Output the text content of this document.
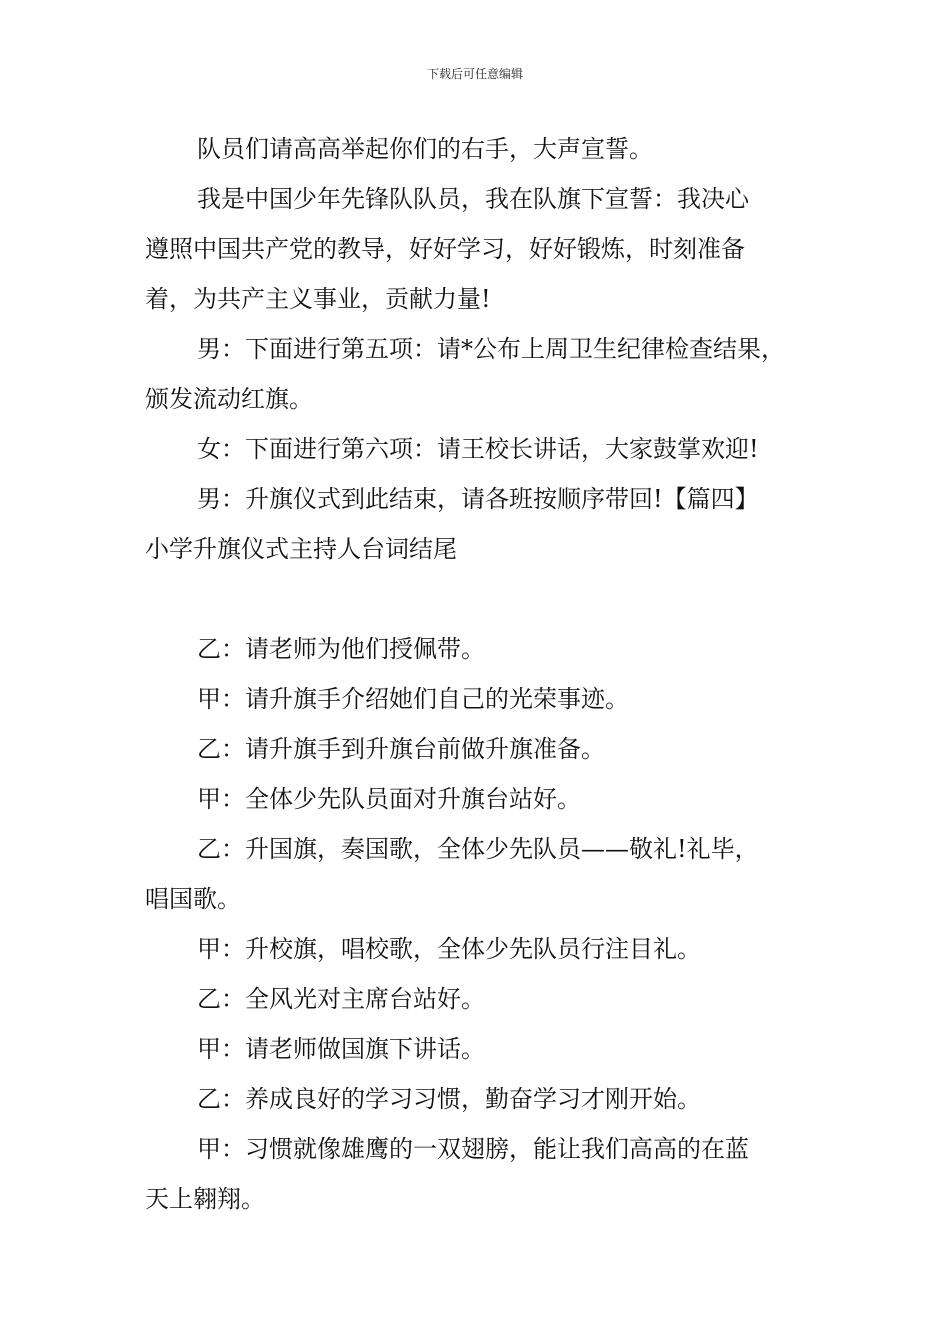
下载后可任意编辑
队员们请高高举起你们的右手，大声宣誓。
我是中国少年先锋队队员，我在队旗下宣誓：我决心
遵照中国共产党的教导，好好学习，好好锻炼，时刻准备
着，为共产主义事业，贡献力量!
男：下面进行第五项：请*公布上周卫生纪律检查结果，
颁发流动红旗。
女：下面进行第六项：请王校长讲话，大家鼓掌欢迎!
男：升旗仪式到此结束，请各班按顺序带回!【篇四】
小学升旗仪式主持人台词结尾
乙：请老师为他们授佩带。
甲：请升旗手介绍她们自己的光荣事迹。
乙：请升旗手到升旗台前做升旗准备。
甲：全体少先队员面对升旗台站好。
乙：升国旗，奏国歌，全体少先队员——敬礼!礼毕，
唱国歌。
甲：升校旗，唱校歌，全体少先队员行注目礼。
乙：全风光对主席台站好。
甲：请老师做国旗下讲话。
乙：养成良好的学习习惯，勤奋学习才刚开始。
甲：习惯就像雄鹰的一双翅膀，能让我们高高的在蓝
天上翱翔。
